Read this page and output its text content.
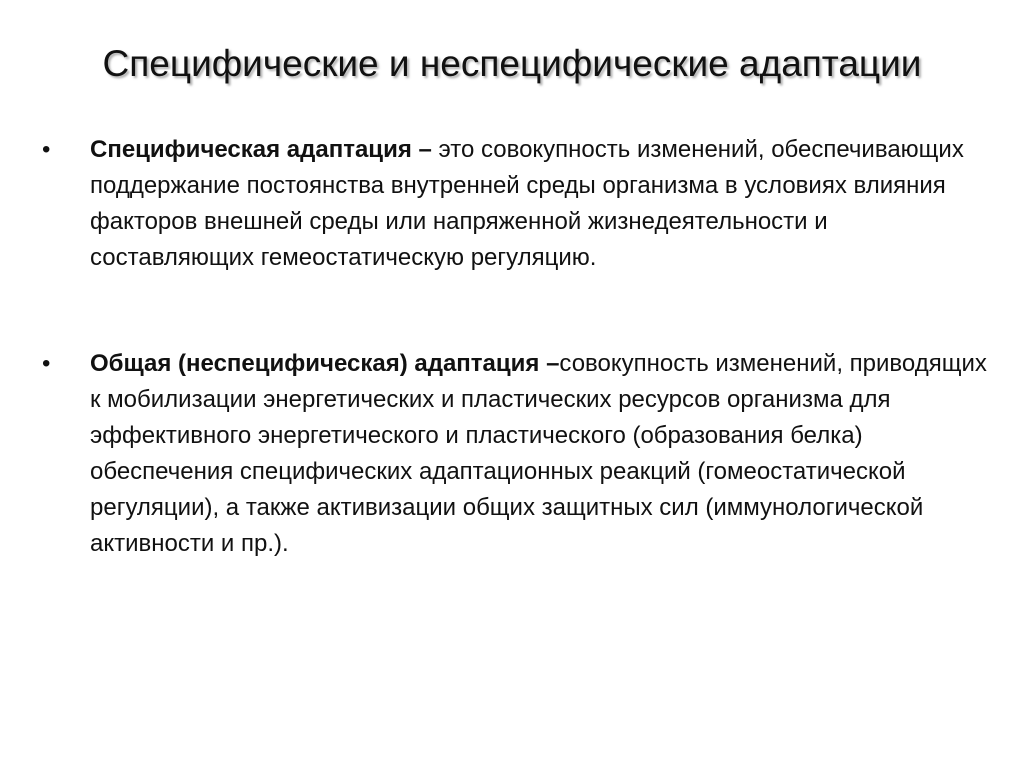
Специфические и неспецифические адаптации
•	Специфическая адаптация – это совокупность изменений, обеспечивающих поддержание постоянства внутренней среды организма в условиях влияния факторов внешней среды или напряженной жизнедеятельности и составляющих гемеостатическую регуляцию.
•	Общая (неспецифическая) адаптация –совокупность изменений, приводящих к мобилизации энергетических и пластических ресурсов организма для эффективного энергетического и пластического (образования белка) обеспечения специфических адаптационных реакций (гомеостатической регуляции), а также активизации общих защитных сил (иммунологической активности и пр.).
